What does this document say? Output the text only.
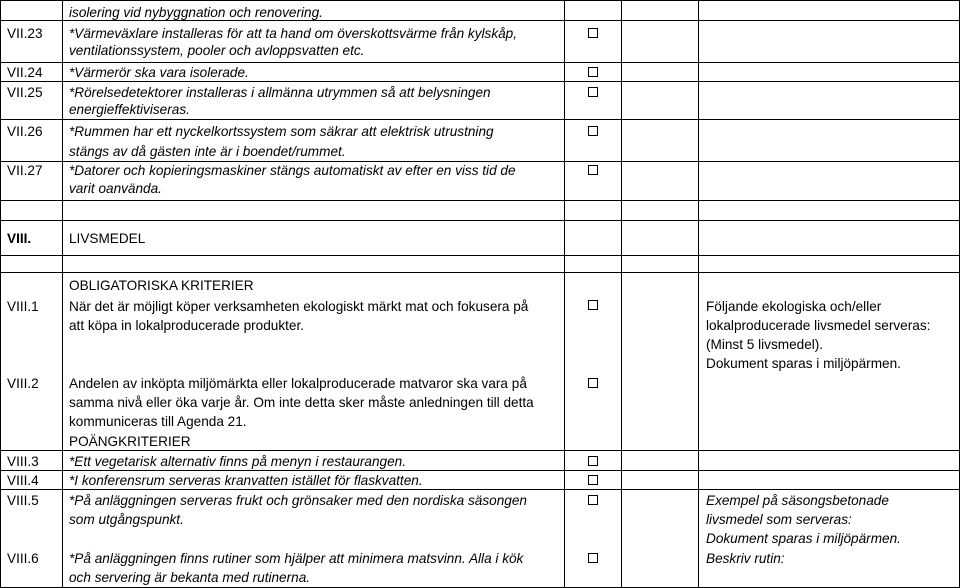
isolering vid nybyggnation och renovering.
VII.23 *Värmeväxlare installeras för att ta hand om överskottsvärme från kylskåp,
ventilationssystem, pooler och avloppsvatten etc.
VII.24 *Värmerör ska vara isolerade.
VII.25 *Rörelsedetektorer installeras i allmänna utrymmen så att belysningen
energieffektiviseras.
VII.26 *Rummen har ett nyckelkortssystem som säkrar att elektrisk utrustning
stängs av då gästen inte är i boendet/rummet.
VII.27 *Datorer och kopieringsmaskiner stängs automatiskt av efter en viss tid de
varit oanvända.
VIII.	LIVSMEDEL
OBLIGATORISKA KRITERIER
VIII.1 När det är möjligt köper verksamheten ekologiskt märkt mat och fokusera på
att köpa in lokalproducerade produkter.
Följande ekologiska och/eller
lokalproducerade livsmedel serveras:
(Minst 5 livsmedel).
Dokument sparas i miljöpärmen.
VIII.2 Andelen av inköpta miljömärkta eller lokalproducerade matvaror ska vara på
samma nivå eller öka varje år. Om inte detta sker måste anledningen till detta
kommuniceras till Agenda 21.
POÄNGKRITERIER
VIII.3 *Ett vegetarisk alternativ finns på menyn i restaurangen.
VIII.4 *I konferensrum serveras kranvatten istället för flaskvatten.
VIII.5 *På anläggningen serveras frukt och grönsaker med den nordiska säsongen
som utgångspunkt.
Exempel på säsongsbetonade
livsmedel som serveras:
Dokument sparas i miljöpärmen.
VIII.6 *På anläggningen finns rutiner som hjälper att minimera matsvinn. Alla i kök
och servering är bekanta med rutinerna.
Beskriv rutin:
